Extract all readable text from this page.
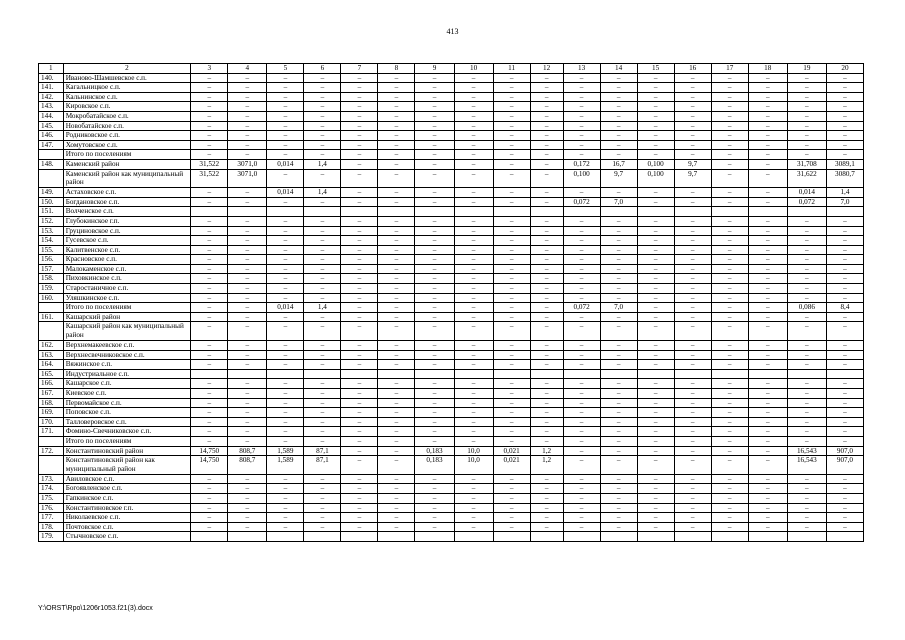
413
1	2	3	4	5	6	7	8	9	10	11	12	13	14	15	16	17	18	19	20
140.	Иваново-Шамшевское с.п.	–	–	–	–	–	–	–	–	–	–	–	–	–	–	–	–	–	–
141.	Кагальницкое с.п.	–	–	–	–	–	–	–	–	–	–	–	–	–	–	–	–	–	–
142.	Кальнинское с.п.	–	–	–	–	–	–	–	–	–	–	–	–	–	–	–	–	–	–
143.	Кировское с.п.	–	–	–	–	–	–	–	–	–	–	–	–	–	–	–	–	–	–
144.	Мокробатайское с.п.	–	–	–	–	–	–	–	–	–	–	–	–	–	–	–	–	–	–
145.	Новобатайское с.п.	–	–	–	–	–	–	–	–	–	–	–	–	–	–	–	–	–	–
146.	Родниковское с.п.	–	–	–	–	–	–	–	–	–	–	–	–	–	–	–	–	–	–
147.	Хомутовское с.п.	–	–	–	–	–	–	–	–	–	–	–	–	–	–	–	–	–	–
	Итого по поселениям	–	–	–	–	–	–	–	–	–	–	–	–	–	–	–	–	–	–
148.	Каменский район	31,522	3071,0	0,014	1,4	–	–	–	–	–	–	0,172	16,7	0,100	9,7	–	–	31,708	3089,1
	Каменский район как муниципальный район	31,522	3071,0	–	–	–	–	–	–	–	–	0,100	9,7	0,100	9,7	–	–	31,622	3080,7
149.	Астаховское с.п.	–	–	0,014	1,4	–	–	–	–	–	–	–	–	–	–	–	–	0,014	1,4
150.	Богдановское с.п.	–	–	–	–	–	–	–	–	–	–	0,072	7,0	–	–	–	–	0,072	7,0
151.	Волченское с.п.																		
152.	Глубокинское г.п.	–	–	–	–	–	–	–	–	–	–	–	–	–	–	–	–	–	–
153.	Груциновское с.п.	–	–	–	–	–	–	–	–	–	–	–	–	–	–	–	–	–	–
154.	Гусевское с.п.	–	–	–	–	–	–	–	–	–	–	–	–	–	–	–	–	–	–
155.	Калитвенское с.п.	–	–	–	–	–	–	–	–	–	–	–	–	–	–	–	–	–	–
156.	Красновское с.п.	–	–	–	–	–	–	–	–	–	–	–	–	–	–	–	–	–	–
157.	Малокаменское с.п.	–	–	–	–	–	–	–	–	–	–	–	–	–	–	–	–	–	–
158.	Пиховкинское с.п.	–	–	–	–	–	–	–	–	–	–	–	–	–	–	–	–	–	–
159.	Старостаничное с.п.	–	–	–	–	–	–	–	–	–	–	–	–	–	–	–	–	–	–
160.	Уляшкинское с.п.	–	–	–	–	–	–	–	–	–	–	–	–	–	–	–	–	–	–
	Итого по поселениям	–	–	0,014	1,4	–	–	–	–	–	–	0,072	7,0	–	–	–	–	0,086	8,4
161.	Кашарский район	–	–	–	–	–	–	–	–	–	–	–	–	–	–	–	–	–	–
	Кашарский район как муниципальный район	–	–	–	–	–	–	–	–	–	–	–	–	–	–	–	–	–	–
162.	Верхнемакеевское с.п.	–	–	–	–	–	–	–	–	–	–	–	–	–	–	–	–	–	–
163.	Верхнесвечниковское с.п.	–	–	–	–	–	–	–	–	–	–	–	–	–	–	–	–	–	–
164.	Вяжинское с.п.	–	–	–	–	–	–	–	–	–	–	–	–	–	–	–	–	–	–
165.	Индустриальное с.п.																		
166.	Кашарское с.п.	–	–	–	–	–	–	–	–	–	–	–	–	–	–	–	–	–	–
167.	Киевское с.п.	–	–	–	–	–	–	–	–	–	–	–	–	–	–	–	–	–	–
168.	Первомайское с.п.	–	–	–	–	–	–	–	–	–	–	–	–	–	–	–	–	–	–
169.	Поповское с.п.	–	–	–	–	–	–	–	–	–	–	–	–	–	–	–	–	–	–
170.	Талловеровское с.п.	–	–	–	–	–	–	–	–	–	–	–	–	–	–	–	–	–	–
171.	Фомино-Свечниковское с.п.	–	–	–	–	–	–	–	–	–	–	–	–	–	–	–	–	–	–
	Итого по поселениям	–	–	–	–	–	–	–	–	–	–	–	–	–	–	–	–	–	–
172.	Константиновский район	14,750	808,7	1,589	87,1	–	–	0,183	10,0	0,021	1,2	–	–	–	–	–	–	16,543	907,0
	Константиновский район как муниципальный район	14,750	808,7	1,589	87,1	–	–	0,183	10,0	0,021	1,2	–	–	–	–	–	–	16,543	907,0
173.	Авиловское с.п.	–	–	–	–	–	–	–	–	–	–	–	–	–	–	–	–	–	–
174.	Богоявленское с.п.	–	–	–	–	–	–	–	–	–	–	–	–	–	–	–	–	–	–
175.	Гапкинское с.п.	–	–	–	–	–	–	–	–	–	–	–	–	–	–	–	–	–	–
176.	Константиновское г.п.	–	–	–	–	–	–	–	–	–	–	–	–	–	–	–	–	–	–
177.	Николаевское с.п.	–	–	–	–	–	–	–	–	–	–	–	–	–	–	–	–	–	–
178.	Почтовское с.п.	–	–	–	–	–	–	–	–	–	–	–	–	–	–	–	–	–	–
179.	Стычновское с.п.																		
Y:\ORST\Rpo\1206r1053.f21(3).docx
